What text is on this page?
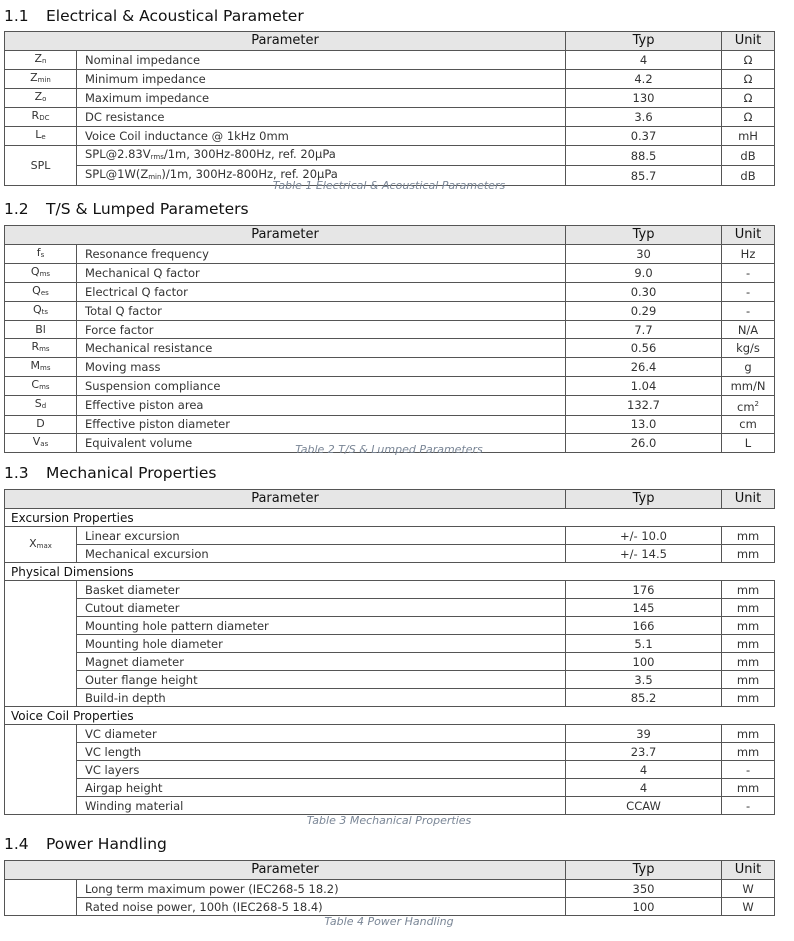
1.1 Electrical & Acoustical Parameter
Parameter		Typ	Unit
$Z_n$	Nominal impedance	4	Ω
$Z_{min}$	Minimum impedance	4.2	Ω
$Z_o$	Maximum impedance	130	Ω
$R_{DC}$	DC resistance	3.6	Ω
$L_e$	Voice Coil inductance @ 1kHz 0mm	0.37	mH
SPL	$SPL@2.83V_{rms}/1m$, 300Hz-800Hz, ref. 20µPa	88.5	dB
	$SPL@1W(Z_{min})/1m$, 300Hz-800Hz, ref. 20µPa	85.7	dB
Table 1 Electrical & Acoustical Parameters
1.2 T/S & Lumped Parameters
Parameter		Typ	Unit
$f_s$	Resonance frequency	30	Hz
$Q_{ms}$	Mechanical Q factor	9.0	-
$Q_{es}$	Electrical Q factor	0.30	-
$Q_{ts}$	Total Q factor	0.29	-
Bl	Force factor	7.7	N/A
$R_{ms}$	Mechanical resistance	0.56	kg/s
$M_{ms}$	Moving mass	26.4	g
$C_{ms}$	Suspension compliance	1.04	mm/N
$S_d$	Effective piston area	132.7	$cm^2$
D	Effective piston diameter	13.0	cm
$V_{as}$	Equivalent volume	26.0	L
Table 2 T/S & Lumped Parameters
1.3 Mechanical Properties
Parameter		Typ	Unit
Excursion Properties			
$X_{max}$	Linear excursion	+/- 10.0	mm
	Mechanical excursion	+/- 14.5	mm
Physical Dimensions			
	Basket diameter	176	mm
	Cutout diameter	145	mm
	Mounting hole pattern diameter	166	mm
	Mounting hole diameter	5.1	mm
	Magnet diameter	100	mm
	Outer flange height	3.5	mm
	Build-in depth	85.2	mm
Voice Coil Properties			
	VC diameter	39	mm
	VC length	23.7	mm
	VC layers	4	-
	Airgap height	4	mm
	Winding material	CCAW	-
Table 3 Mechanical Properties
1.4 Power Handling
Parameter		Typ	Unit
	Long term maximum power (IEC268-5 18.2)	350	W
	Rated noise power, 100h (IEC268-5 18.4)	100	W
Table 4 Power Handling
